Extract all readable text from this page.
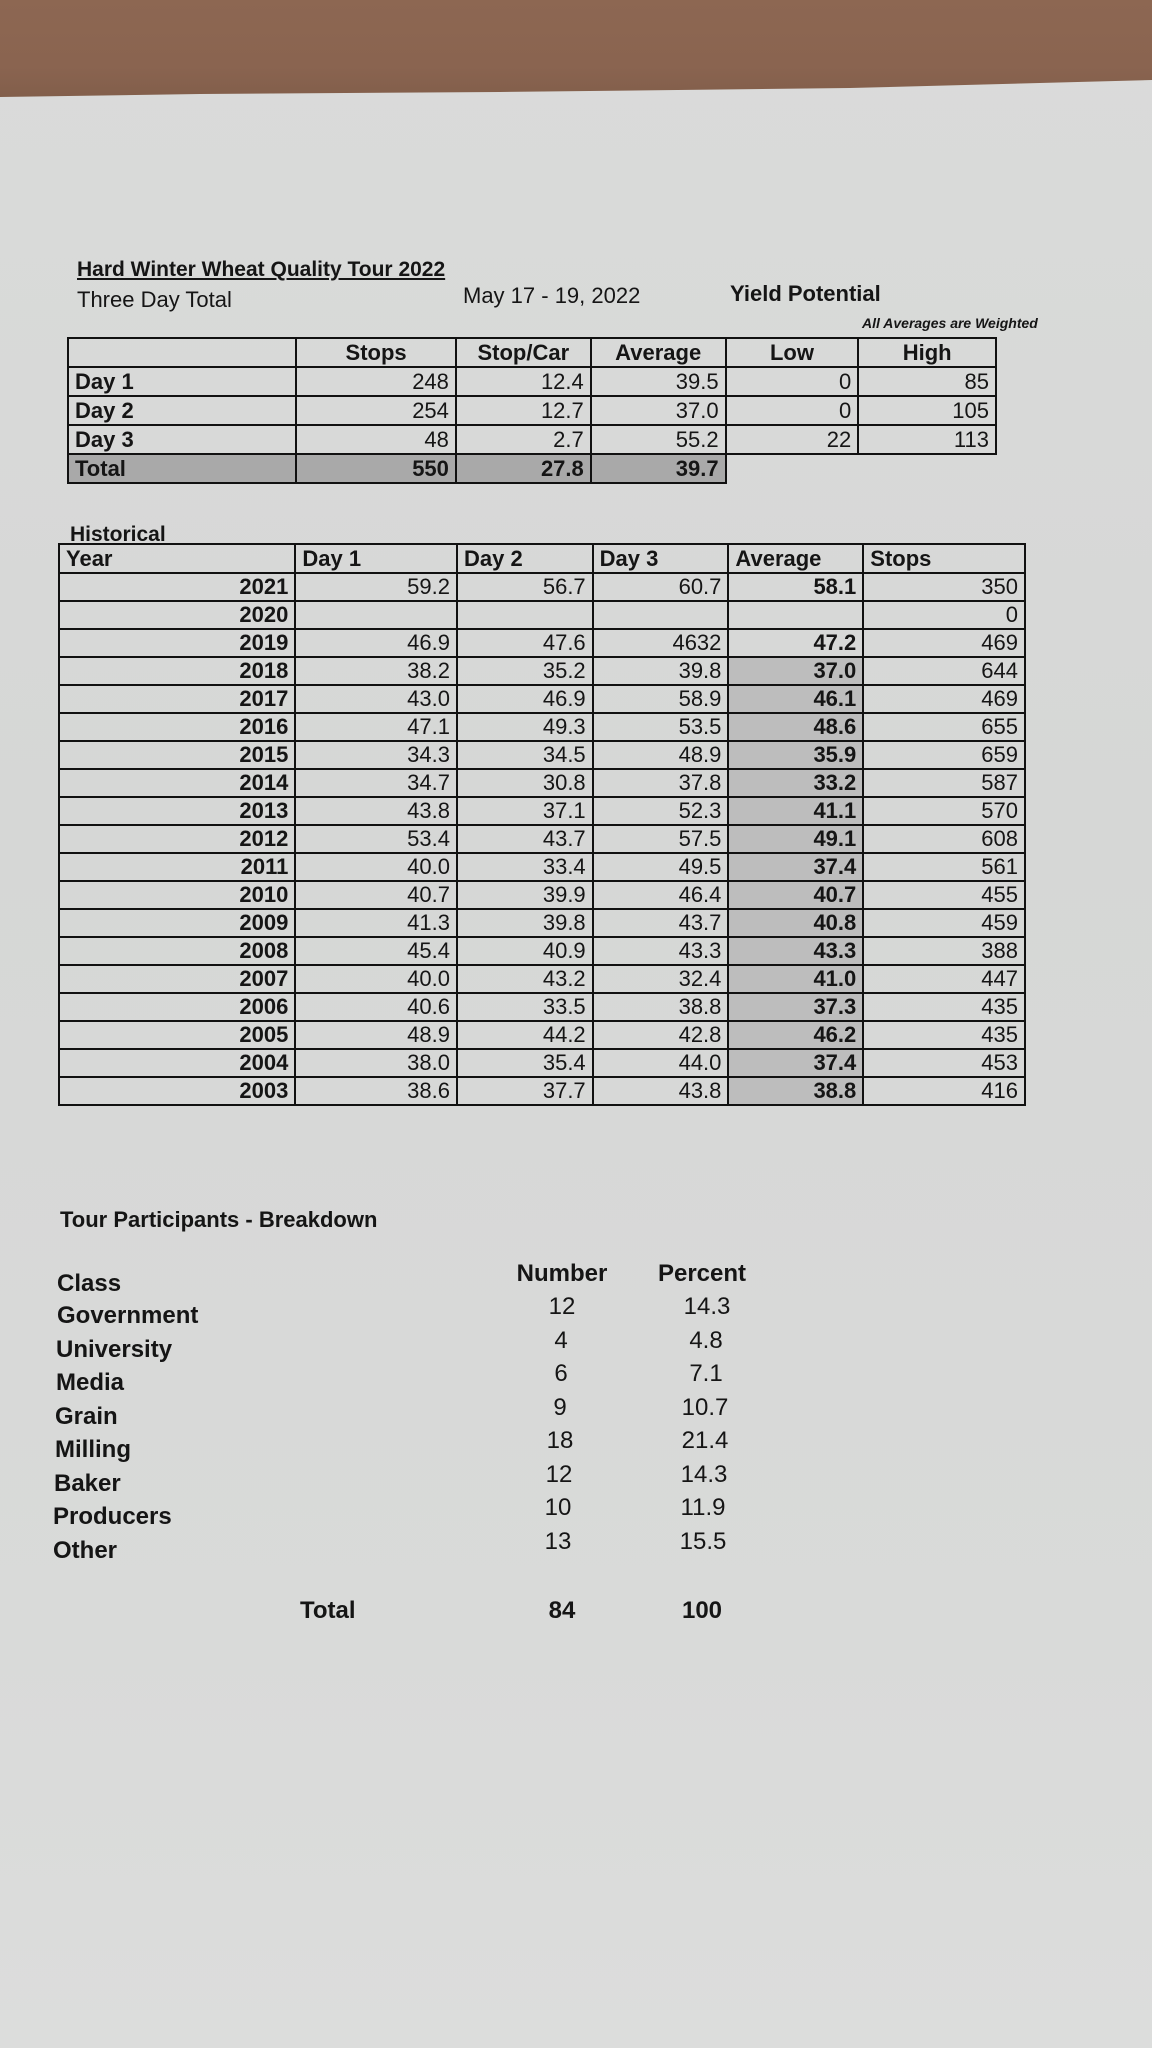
Hard Winter Wheat Quality Tour 2022
Three Day Total	May 17 - 19, 2022	Yield Potential
All Averages are Weighted
	Stops	Stop/Car	Average	Low	High
Day 1	248	12.4	39.5	0	85
Day 2	254	12.7	37.0	0	105
Day 3	48	2.7	55.2	22	113
Total	550	27.8	39.7		
Historical
Year	Day 1	Day 2	Day 3	Average	Stops
2021	59.2	56.7	60.7	58.1	350
2020					0
2019	46.9	47.6	4632	47.2	469
2018	38.2	35.2	39.8	37.0	644
2017	43.0	46.9	58.9	46.1	469
2016	47.1	49.3	53.5	48.6	655
2015	34.3	34.5	48.9	35.9	659
2014	34.7	30.8	37.8	33.2	587
2013	43.8	37.1	52.3	41.1	570
2012	53.4	43.7	57.5	49.1	608
2011	40.0	33.4	49.5	37.4	561
2010	40.7	39.9	46.4	40.7	455
2009	41.3	39.8	43.7	40.8	459
2008	45.4	40.9	43.3	43.3	388
2007	40.0	43.2	32.4	41.0	447
2006	40.6	33.5	38.8	37.3	435
2005	48.9	44.2	42.8	46.2	435
2004	38.0	35.4	44.0	37.4	453
2003	38.6	37.7	43.8	38.8	416
Tour Participants - Breakdown
Class	Number	Percent
Government	12	14.3
University	4	4.8
Media	6	7.1
Grain	9	10.7
Milling	18	21.4
Baker	12	14.3
Producers	10	11.9
Other	13	15.5
Total	84	100
